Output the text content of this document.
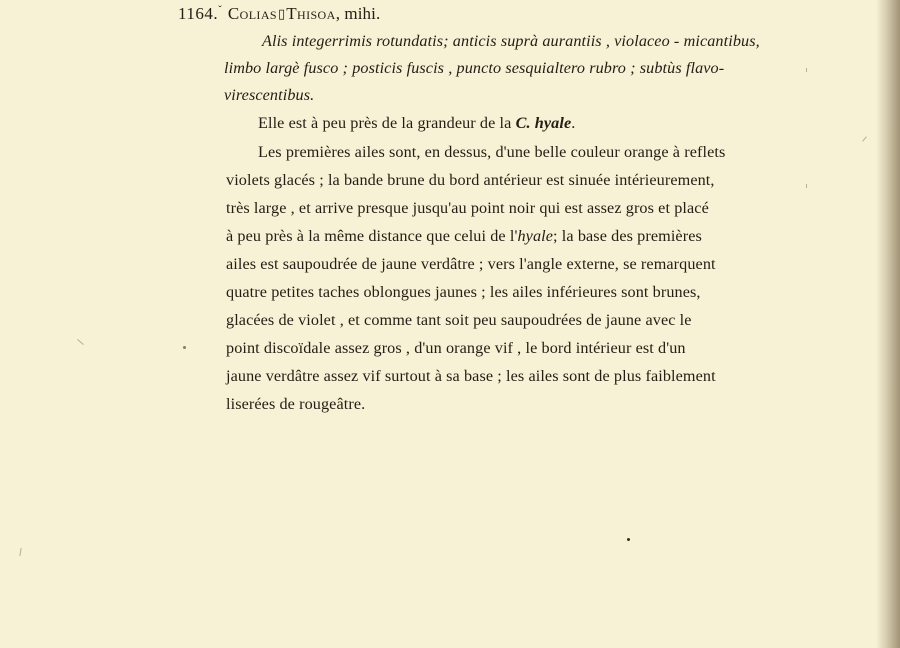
1164.$^ˇ$ Colias▯Thisoa, mihi.
Alis integerrimis rotundatis; anticis suprà aurantiis , violaceo - micantibus,
limbo largè fusco ; posticis fuscis , puncto sesquialtero rubro ; subtùs flavo-
virescentibus.
Elle est à peu près de la grandeur de la C. hyale.
Les premières ailes sont, en dessus, d'une belle couleur orange à reflets
violets glacés ; la bande brune du bord antérieur est sinuée intérieurement,
très large , et arrive presque jusqu'au point noir qui est assez gros et placé
à peu près à la même distance que celui de l'hyale; la base des premières
ailes est saupoudrée de jaune verdâtre ; vers l'angle externe, se remarquent
quatre petites taches oblongues jaunes ; les ailes inférieures sont brunes,
glacées de violet , et comme tant soit peu saupoudrées de jaune avec le
point discoïdale assez gros , d'un orange vif , le bord intérieur est d'un
jaune verdâtre assez vif surtout à sa base ; les ailes sont de plus faiblement
liserées de rougeâtre.
